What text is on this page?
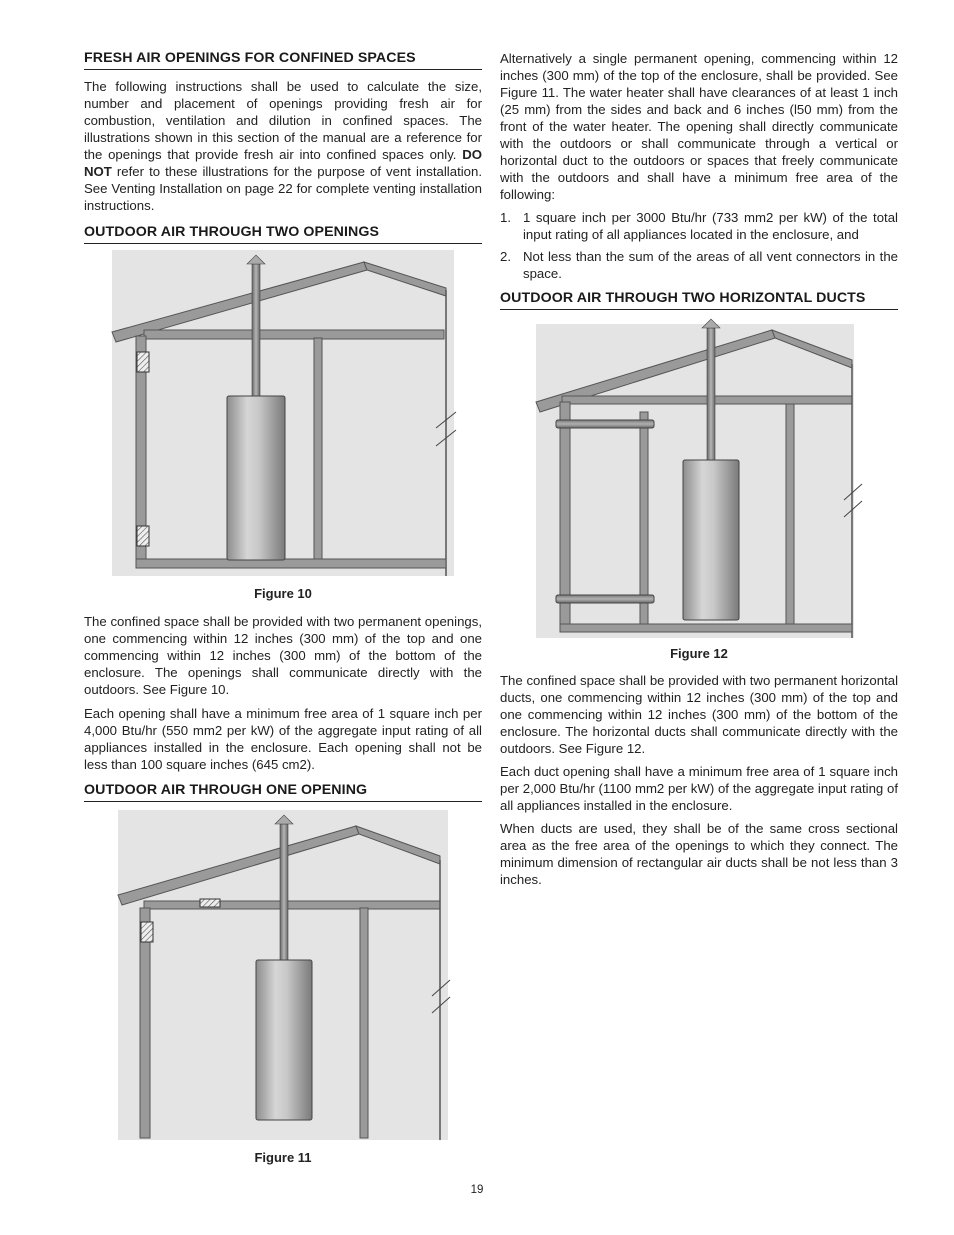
FRESH AIR OPENINGS FOR CONFINED SPACES

The following instructions shall be used to calculate the size, number and placement of openings providing fresh air for combustion, ventilation and dilution in confined spaces. The illustrations shown in this section of the manual are a reference for the openings that provide fresh air into confined spaces only. DO NOT refer to these illustrations for the purpose of vent installation. See Venting Installation on page 22 for complete venting installation instructions.

OUTDOOR AIR THROUGH TWO OPENINGS
Figure 10

The confined space shall be provided with two permanent openings, one commencing within 12 inches (300 mm) of the top and one commencing within 12 inches (300 mm) of the bottom of the enclosure. The openings shall communicate directly with the outdoors. See Figure 10.

Each opening shall have a minimum free area of 1 square inch per 4,000 Btu/hr (550 mm2 per kW) of the aggregate input rating of all appliances installed in the enclosure. Each opening shall not be less than 100 square inches (645 cm2).

OUTDOOR AIR THROUGH ONE OPENING
Figure 11

Alternatively a single permanent opening, commencing within 12 inches (300 mm) of the top of the enclosure, shall be provided. See Figure 11. The water heater shall have clearances of at least 1 inch (25 mm) from the sides and back and 6 inches (l50 mm) from the front of the water heater. The opening shall directly communicate with the outdoors or shall communicate through a vertical or horizontal duct to the outdoors or spaces that freely communicate with the outdoors and shall have a minimum free area of the following:

1. 1 square inch per 3000 Btu/hr (733 mm2 per kW) of the total input rating of all appliances located in the enclosure, and
2. Not less than the sum of the areas of all vent connectors in the space.
OUTDOOR AIR THROUGH TWO HORIZONTAL DUCTS
Figure 12

The confined space shall be provided with two permanent horizontal ducts, one commencing within 12 inches (300 mm) of the top and one commencing within 12 inches (300 mm) of the bottom of the enclosure. The horizontal ducts shall communicate directly with the outdoors. See Figure 12.

Each duct opening shall have a minimum free area of 1 square inch per 2,000 Btu/hr (1100 mm2 per kW) of the aggregate input rating of all appliances installed in the enclosure.

When ducts are used, they shall be of the same cross sectional area as the free area of the openings to which they connect. The minimum dimension of rectangular air ducts shall be not less than 3 inches.

19
